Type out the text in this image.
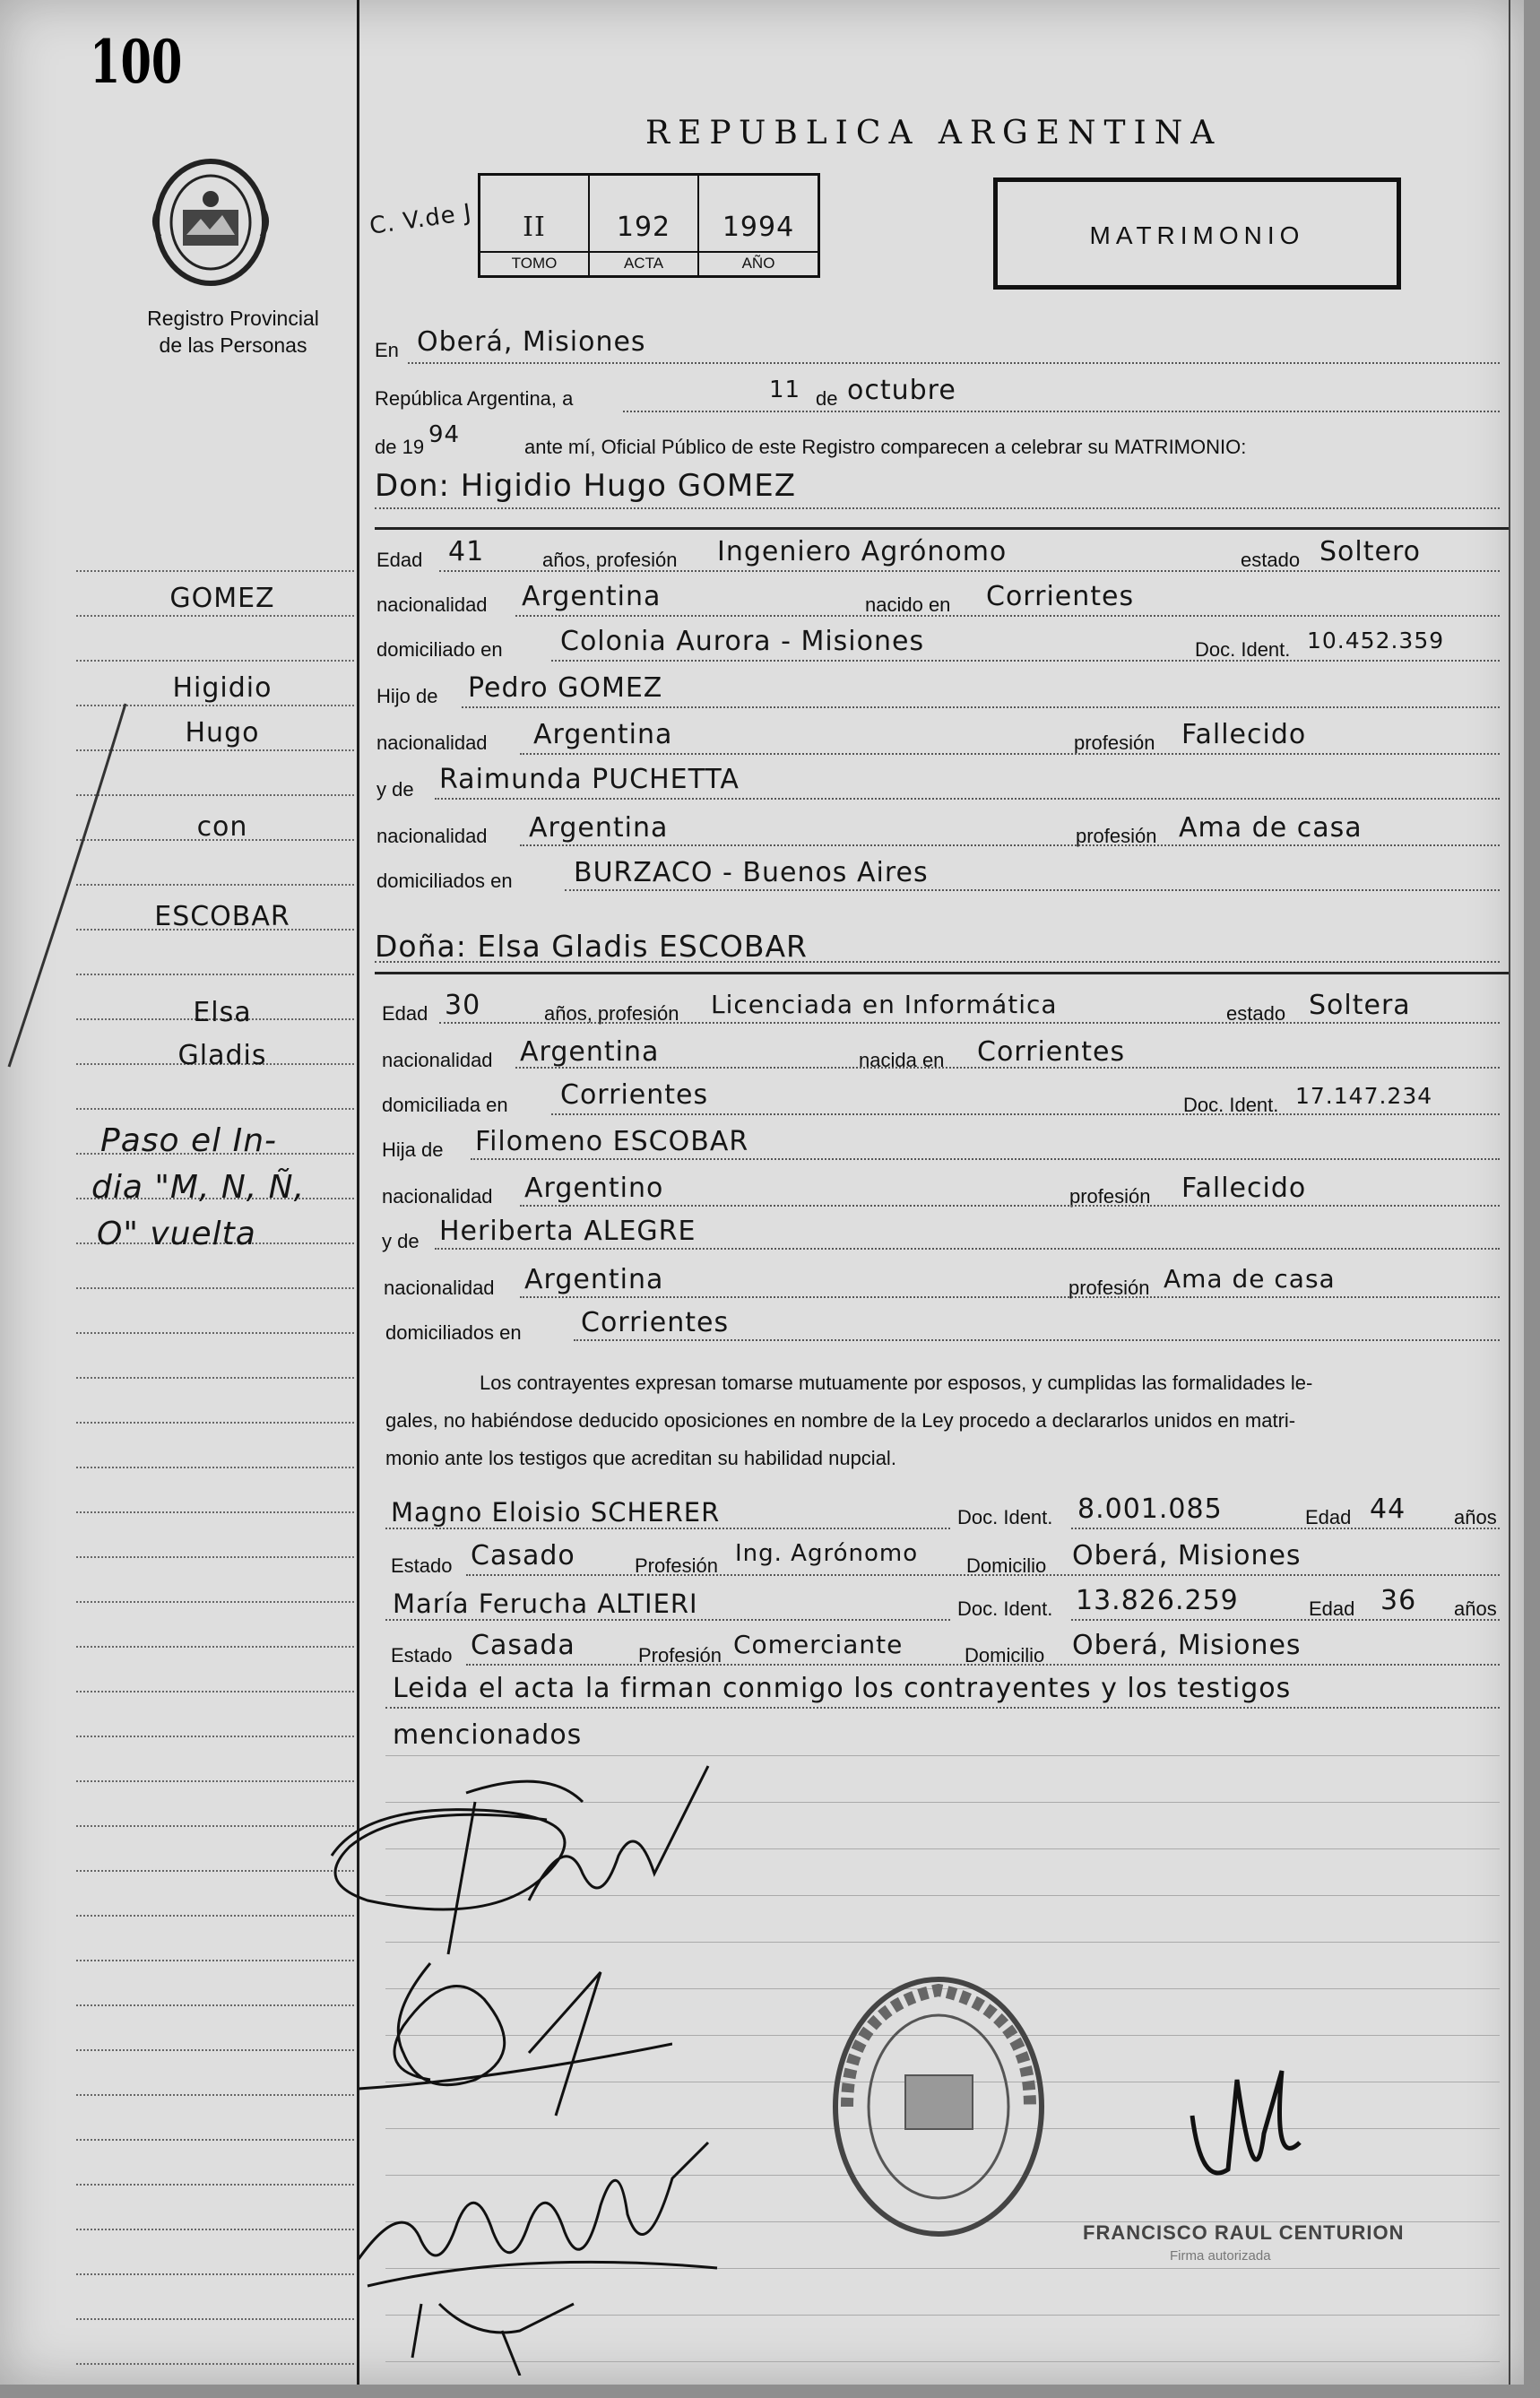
100
Registro Provincial
de las Personas
REPUBLICA ARGENTINA
C. V.de J	II	192	1994
TOMO	ACTA	AÑO
MATRIMONIO
GOMEZ
Higidio
Hugo
con
ESCOBAR
Elsa
Gladis
Paso el In-
dia "M, N, Ñ,
O" vuelta
En Oberá, Misiones
República Argentina, a	11 de octubre
de 19 94	ante mí, Oficial Público de este Registro comparecen a celebrar su MATRIMONIO:
Don: Higidio Hugo GOMEZ
Edad 41	años, profesión Ingeniero Agrónomo	estado Soltero
nacionalidad Argentina	nacido en Corrientes
domiciliado en Colonia Aurora - Misiones	Doc. Ident. 10.452.359
Hijo de Pedro GOMEZ
nacionalidad Argentina	profesión Fallecido
y de Raimunda PUCHETTA
nacionalidad Argentina	profesión Ama de casa
domiciliados en BURZACO - Buenos Aires
Doña: Elsa Gladis ESCOBAR
Edad 30	años, profesión Licenciada en Informática	estado Soltera
nacionalidad Argentina	nacida en Corrientes
domiciliada en Corrientes	Doc. Ident. 17.147.234
Hija de Filomeno ESCOBAR
nacionalidad Argentino	profesión Fallecido
y de Heriberta ALEGRE
nacionalidad Argentina	profesión Ama de casa
domiciliados en Corrientes
Los contrayentes expresan tomarse mutuamente por esposos, y cumplidas las formalidades le-
gales, no habiéndose deducido oposiciones en nombre de la Ley procedo a declararlos unidos en matri-
monio ante los testigos que acreditan su habilidad nupcial.
Magno Eloisio SCHERER	Doc. Ident. 8.001.085	Edad 44 años
Estado Casado	Profesión Ing. Agrónomo Domicilio Oberá, Misiones
María Ferucha ALTIERI	Doc. Ident. 13.826.259	Edad 36 años
Estado Casada	Profesión Comerciante	Domicilio Oberá, Misiones
Leida el acta la firman conmigo los contrayentes y los testigos
mencionados
FRANCISCO RAUL CENTURION
Firma autorizada
